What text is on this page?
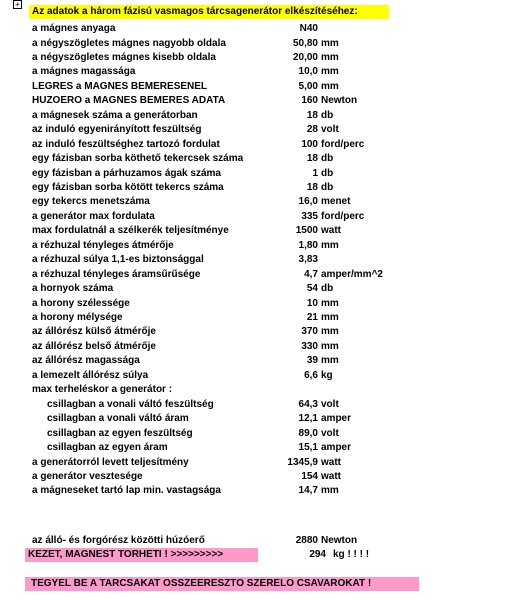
+
Az adatok a három fázisú vasmagos tárcsagenerátor elkészítéséhez:
a mágnes anyaga	N40
a négyszögletes mágnes nagyobb oldala	50,80 mm
a négyszögletes mágnes kisebb oldala	20,00 mm
a mágnes magassága	10,0 mm
LEGRES a MAGNES BEMERESENEL	5,00 mm
HUZOERO a MAGNES BEMERES ADATA	160 Newton
a mágnesek száma a generátorban	18 db
az induló egyenirányított feszültség	28 volt
az induló feszültséghez tartozó fordulat	100 ford/perc
egy fázisban sorba köthető tekercsek száma	18 db
egy fázisban a párhuzamos ágak száma	1 db
egy fázisban sorba kötött tekercs száma	18 db
egy tekercs menetszáma	16,0 menet
a generátor max fordulata	335 ford/perc
max fordulatnál a szélkerék teljesítménye	1500 watt
a rézhuzal tényleges átmérője	1,80 mm
a rézhuzal súlya 1,1-es biztonsággal	3,83
a rézhuzal tényleges áramsűrűsége	4,7 amper/mm^2
a hornyok száma	54 db
a horony szélessége	10 mm
a horony mélysége	21 mm
az állórész külső átmérője	370 mm
az állórész belső átmérője	330 mm
az állórész magassága	39 mm
a lemezelt állórész súlya	6,6 kg
max terheléskor a generátor :
csillagban a vonali váltó feszültség	64,3 volt
csillagban a vonali váltó áram	12,1 amper
csillagban az egyen feszültség	89,0 volt
csillagban az egyen áram	15,1 amper
a generátorról levett teljesítmény	1345,9 watt
a generátor vesztesége	154 watt
a mágneseket tartó lap min. vastagsága	14,7 mm
az álló- és forgórész közötti húzóerő	2880 Newton
KEZET, MAGNEST TORHETI ! >>>>>>>>>	294 kg ! ! ! !
TEGYEL BE A TARCSAKAT OSSZEERESZTO SZERELO CSAVAROKAT !
